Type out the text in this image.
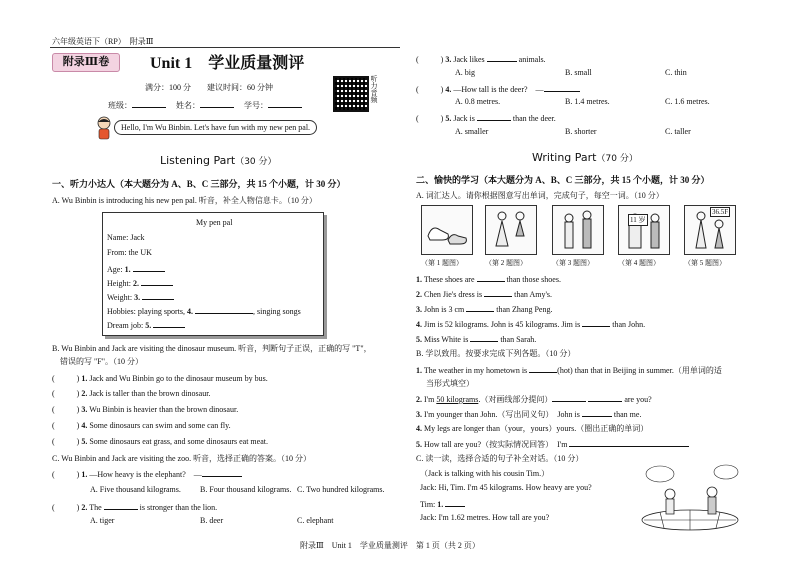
六年级英语下（RP）　 附录Ⅲ
附录Ⅲ卷	Unit 1　 学业质量测评
满分：100 分　　 建议时间：60 分钟
班级：　	姓名：　	学号：
听力音频
Hello, I'm Wu Binbin. Let's have fun with my new pen pal.
Listening Part（30 分）
一、听力小达人（本大题分为 A、B、C 三部分，共 15 个小题，计 30 分）
A. Wu Binbin is introducing his new pen pal. 听音，补全人物信息卡。（10 分）
My pen pal
Name: Jack
From: the UK
Age: 1.
Height: 2.
Weight: 3.
Hobbies: playing sports, 4.	, singing songs
Dream job: 5.
B. Wu Binbin and Jack are visiting the dinosaur museum. 听音，判断句子正误，正确的写 "T"，
错误的写 "F"。（10 分）
(	) 1. Jack and Wu Binbin go to the dinosaur museum by bus.
(	) 2. Jack is taller than the brown dinosaur.
(	) 3. Wu Binbin is heavier than the brown dinosaur.
(	) 4. Some dinosaurs can swim and some can fly.
(	) 5. Some dinosaurs eat grass, and some dinosaurs eat meat.
C. Wu Binbin and Jack are visiting the zoo. 听音，选择正确的答案。（10 分）
(	) 1. —How heavy is the elephant?　—
A. Five thousand kilograms. B. Four thousand kilograms. C. Two hundred kilograms.
(	) 2. The	is stronger than the lion.
A. tiger	B. deer	C. elephant
(	) 3. Jack likes	animals.
A. big	B. small	C. thin
(	) 4. —How tall is the deer?　—
A. 0.8 metres.	B. 1.4 metres.	C. 1.6 metres.
(	) 5. Jack is	than the deer.
A. smaller	B. shorter	C. taller
Writing Part（70 分）
二、愉快的学习（本大题分为 A、B、C 三部分，共 15 个小题，计 30 分）
A. 词汇达人。请你根据图意写出单词，完成句子，每空一词。（10 分）
11 岁
36.5F
（第 1 题图）	（第 2 题图）	（第 3 题图）	（第 4 题图）	（第 5 题图）
1. These shoes are	than those shoes.
2. Chen Jie's dress is	than Amy's.
3. John is 3 cm	than Zhang Peng.
4. Jim is 52 kilograms. John is 45 kilograms. Jim is	than John.
5. Miss White is	than Sarah.
B. 学以致用。按要求完成下列各题。（10 分）
1. The weather in my hometown is	(hot) than that in Beijing in summer.（用单词的适
当形式填空）
2. I'm 50 kilograms.（对画线部分提问）	are you?
3. I'm younger than John.（写出同义句）　John is	than me.
4. My legs are longer than（your，yours）yours.（圈出正确的单词）
5. How tall are you?（按实际情况回答）　I'm
C. 读一读，选择合适的句子补全对话。（10 分）
（Jack is talking with his cousin Tim.）
Jack: Hi, Tim. I'm 45 kilograms. How heavy are you?
Tim: 1.
Jack: I'm 1.62 metres. How tall are you?
附录Ⅲ　Unit 1　学业质量测评　第 1 页（共 2 页）
